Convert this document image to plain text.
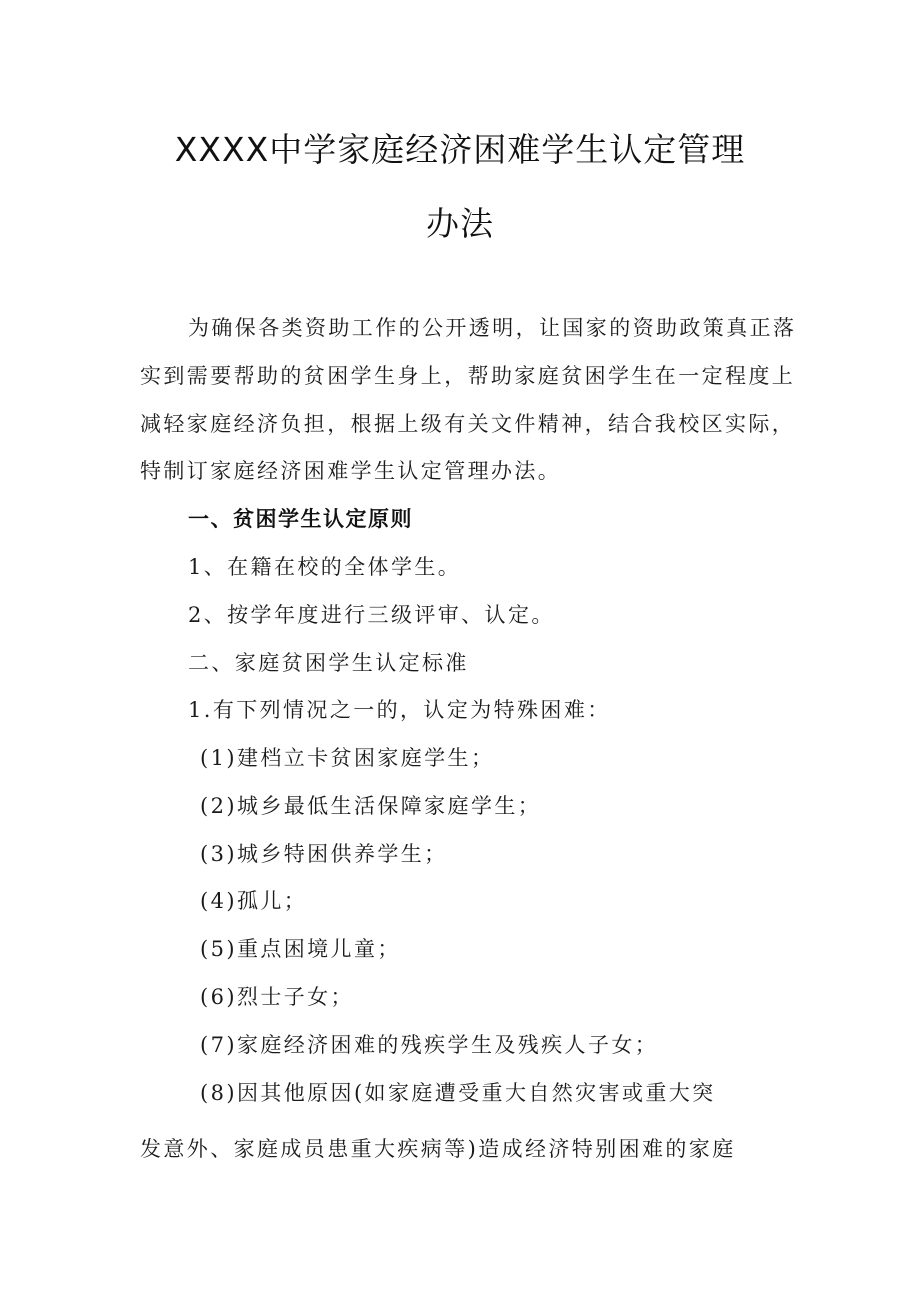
XXXX中学家庭经济困难学生认定管理
办法
为确保各类资助工作的公开透明，让国家的资助政策真正落
实到需要帮助的贫困学生身上，帮助家庭贫困学生在一定程度上
减轻家庭经济负担，根据上级有关文件精神，结合我校区实际，
特制订家庭经济困难学生认定管理办法。
一、贫困学生认定原则
1、在籍在校的全体学生。
2、按学年度进行三级评审、认定。
二、家庭贫困学生认定标准
1.有下列情况之一的，认定为特殊困难：
(1)建档立卡贫困家庭学生；
(2)城乡最低生活保障家庭学生；
(3)城乡特困供养学生；
(4)孤儿；
(5)重点困境儿童；
(6)烈士子女；
(7)家庭经济困难的残疾学生及残疾人子女；
(8)因其他原因(如家庭遭受重大自然灾害或重大突
发意外、家庭成员患重大疾病等)造成经济特别困难的家庭
